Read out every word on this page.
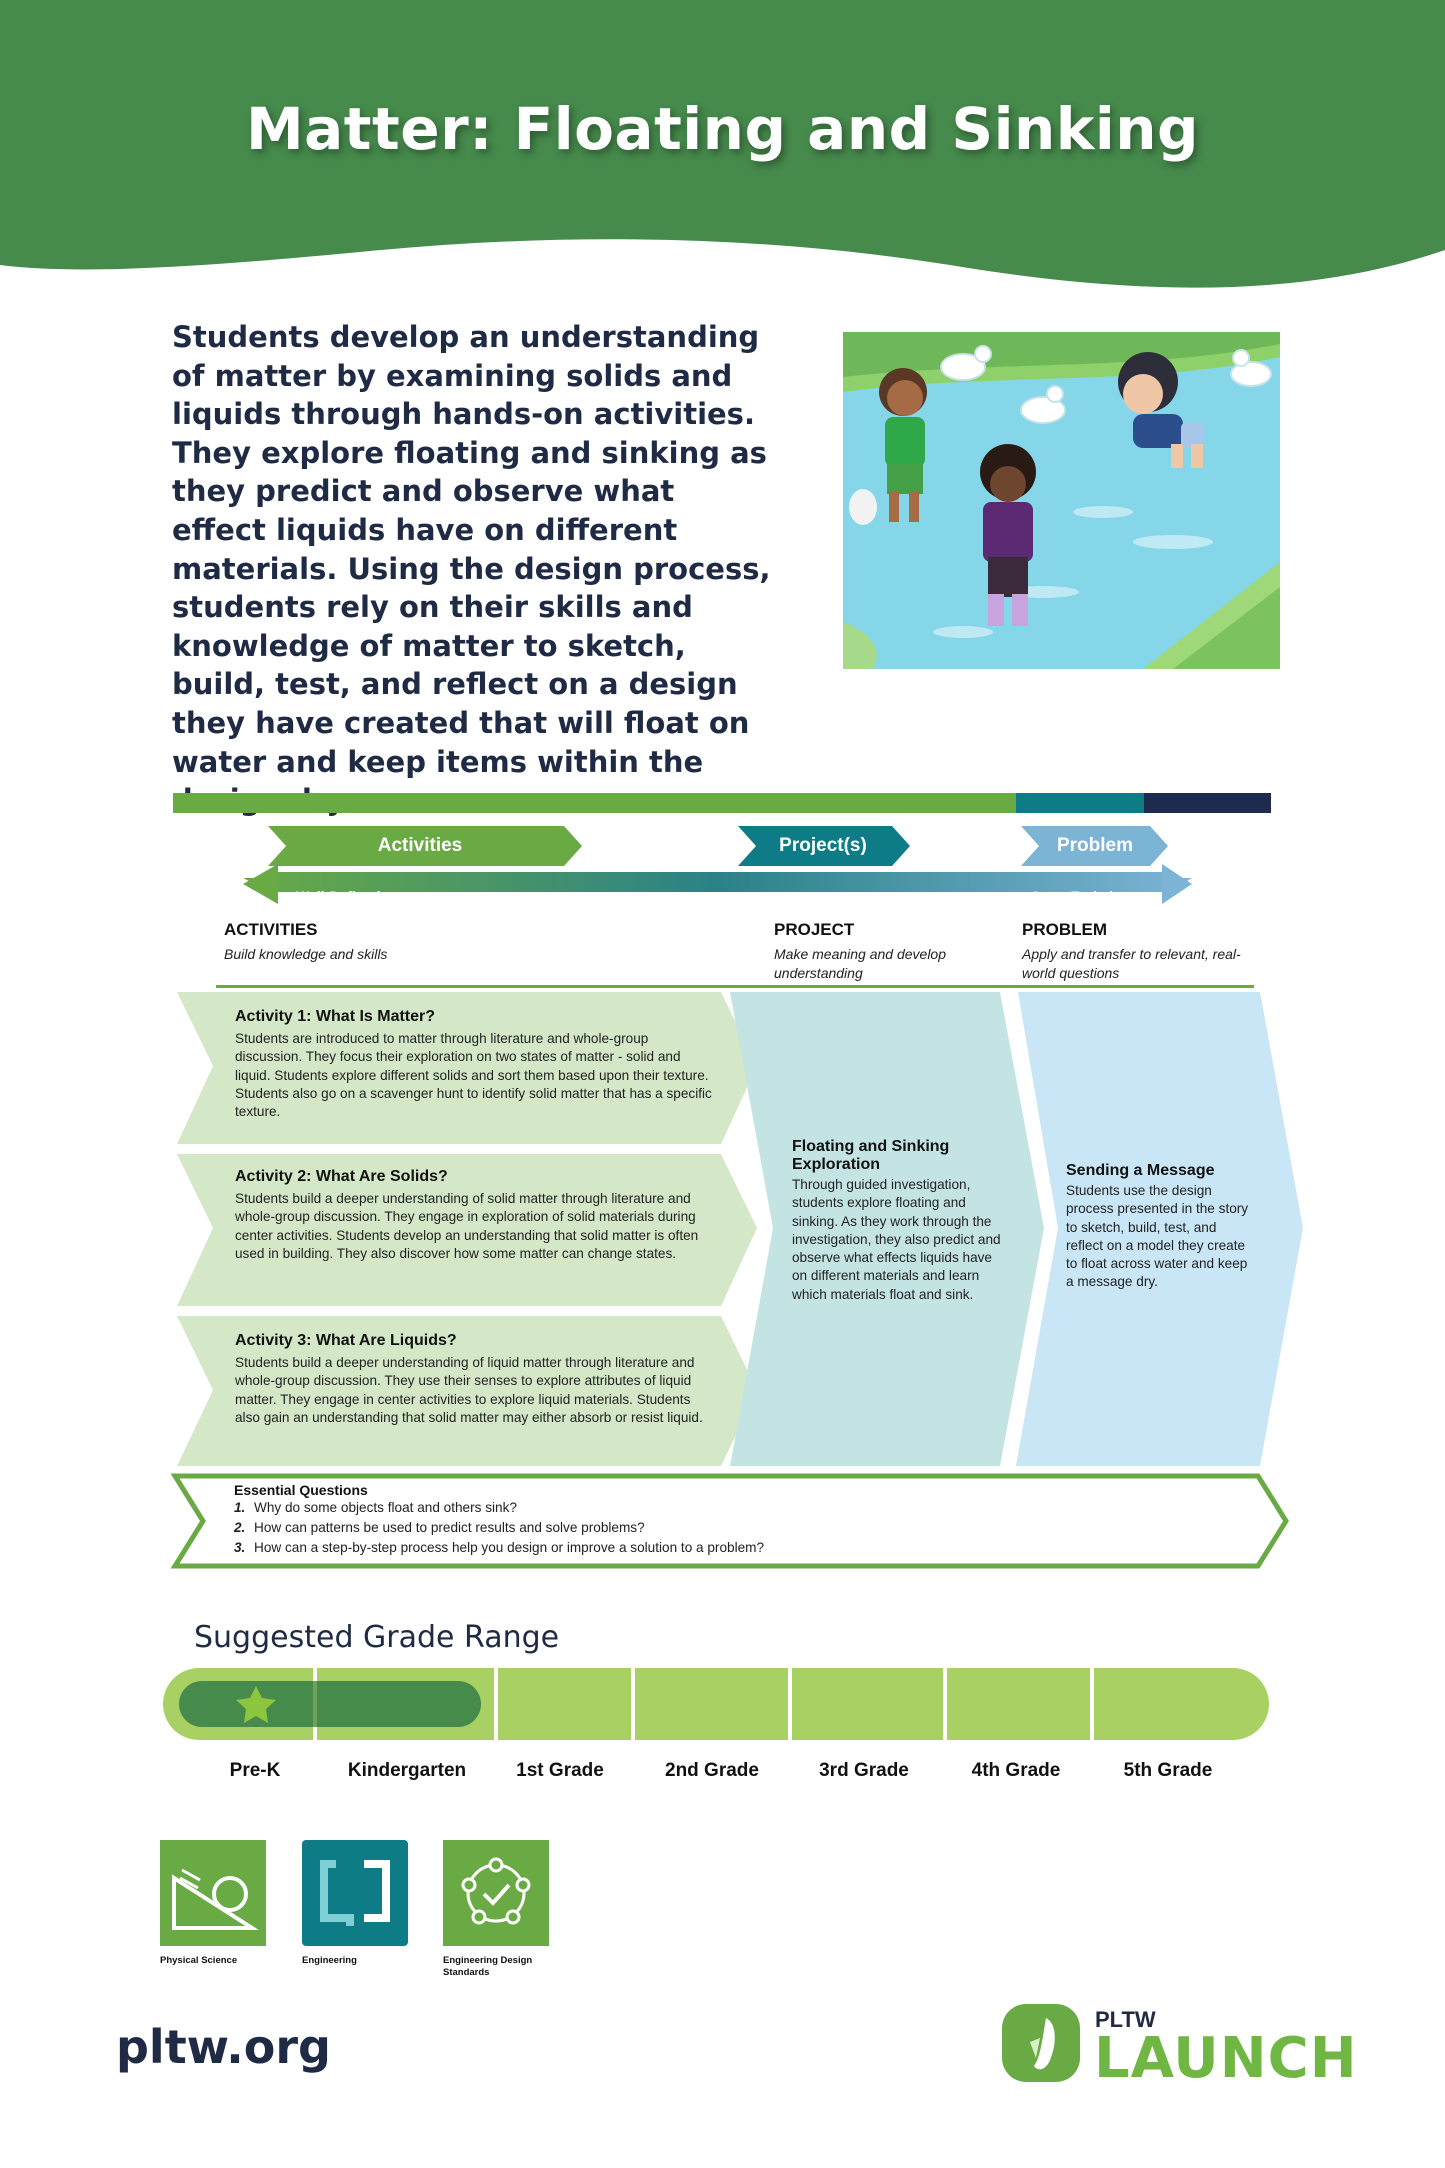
Matter: Floating and Sinking
Students develop an understanding of matter by examining solids and liquids through hands-on activities. They explore floating and sinking as they predict and observe what effect liquids have on different materials. Using the design process, students rely on their skills and knowledge of matter to sketch, build, test, and reflect on a design they have created that will float on water and keep items within the
Activities	Project(s)	Problem
Well-Defined	Open-Ended
ACTIVITIES
Build knowledge and skills
PROJECT
Make meaning and develop understanding
PROBLEM
Apply and transfer to relevant, real-world questions
Activity 1: What Is Matter?
Students are introduced to matter through literature and whole-group discussion. They focus their exploration on two states of matter - solid and liquid. Students explore different solids and sort them based upon their texture. Students also go on a scavenger hunt to identify solid matter that has a specific texture.
Activity 2: What Are Solids?
Students build a deeper understanding of solid matter through literature and whole-group discussion. They engage in exploration of solid materials during center activities. Students develop an understanding that solid matter is often used in building. They also discover how some matter can change states.
Activity 3: What Are Liquids?
Students build a deeper understanding of liquid matter through literature and whole-group discussion. They use their senses to explore attributes of liquid matter. They engage in center activities to explore liquid materials. Students also gain an understanding that solid matter may either absorb or resist liquid.
Floating and Sinking Exploration
Through guided investigation, students explore floating and sinking. As they work through the investigation, they also predict and observe what effects liquids have on different materials and learn which materials float and sink.
Sending a Message
Students use the design process presented in the story to sketch, build, test, and reflect on a model they create to float across water and keep a message dry.
Essential Questions
1. Why do some objects float and others sink?
2. How can patterns be used to predict results and solve problems?
3. How can a step-by-step process help you design or improve a solution to a problem?
Suggested Grade Range
Pre-K	Kindergarten	1st Grade	2nd Grade	3rd Grade	4th Grade	5th Grade
Physical Science	Engineering	Engineering Design Standards
pltw.org
PLTW
LAUNCH
